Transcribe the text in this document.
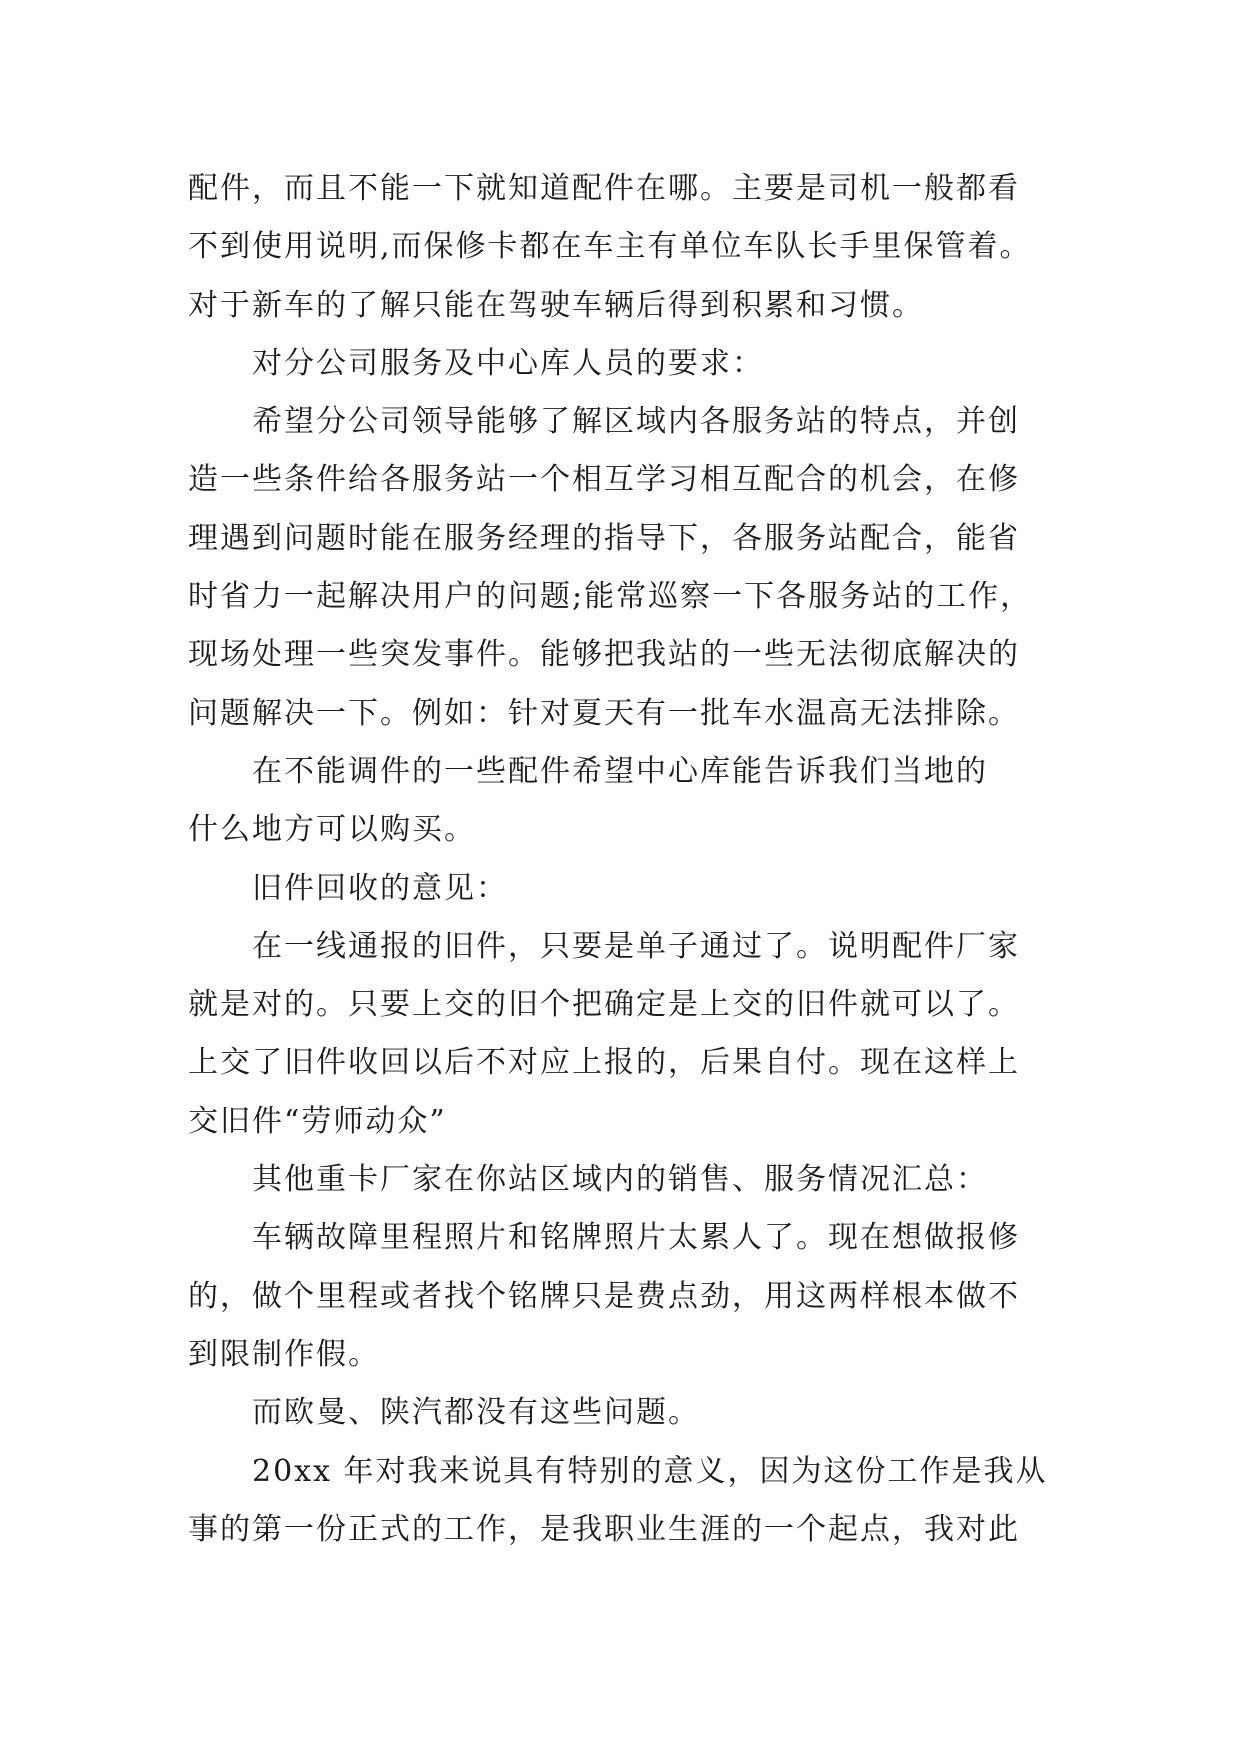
配件，而且不能一下就知道配件在哪。主要是司机一般都看
不到使用说明,而保修卡都在车主有单位车队长手里保管着。
对于新车的了解只能在驾驶车辆后得到积累和习惯。
对分公司服务及中心库人员的要求：
希望分公司领导能够了解区域内各服务站的特点，并创
造一些条件给各服务站一个相互学习相互配合的机会，在修
理遇到问题时能在服务经理的指导下，各服务站配合，能省
时省力一起解决用户的问题;能常巡察一下各服务站的工作，
现场处理一些突发事件。能够把我站的一些无法彻底解决的
问题解决一下。例如：针对夏天有一批车水温高无法排除。
在不能调件的一些配件希望中心库能告诉我们当地的
什么地方可以购买。
旧件回收的意见：
在一线通报的旧件，只要是单子通过了。说明配件厂家
就是对的。只要上交的旧个把确定是上交的旧件就可以了。
上交了旧件收回以后不对应上报的，后果自付。现在这样上
交旧件“劳师动众”
其他重卡厂家在你站区域内的销售、服务情况汇总：
车辆故障里程照片和铭牌照片太累人了。现在想做报修
的，做个里程或者找个铭牌只是费点劲，用这两样根本做不
到限制作假。
而欧曼、陕汽都没有这些问题。
20xx 年对我来说具有特别的意义，因为这份工作是我从
事的第一份正式的工作，是我职业生涯的一个起点，我对此
